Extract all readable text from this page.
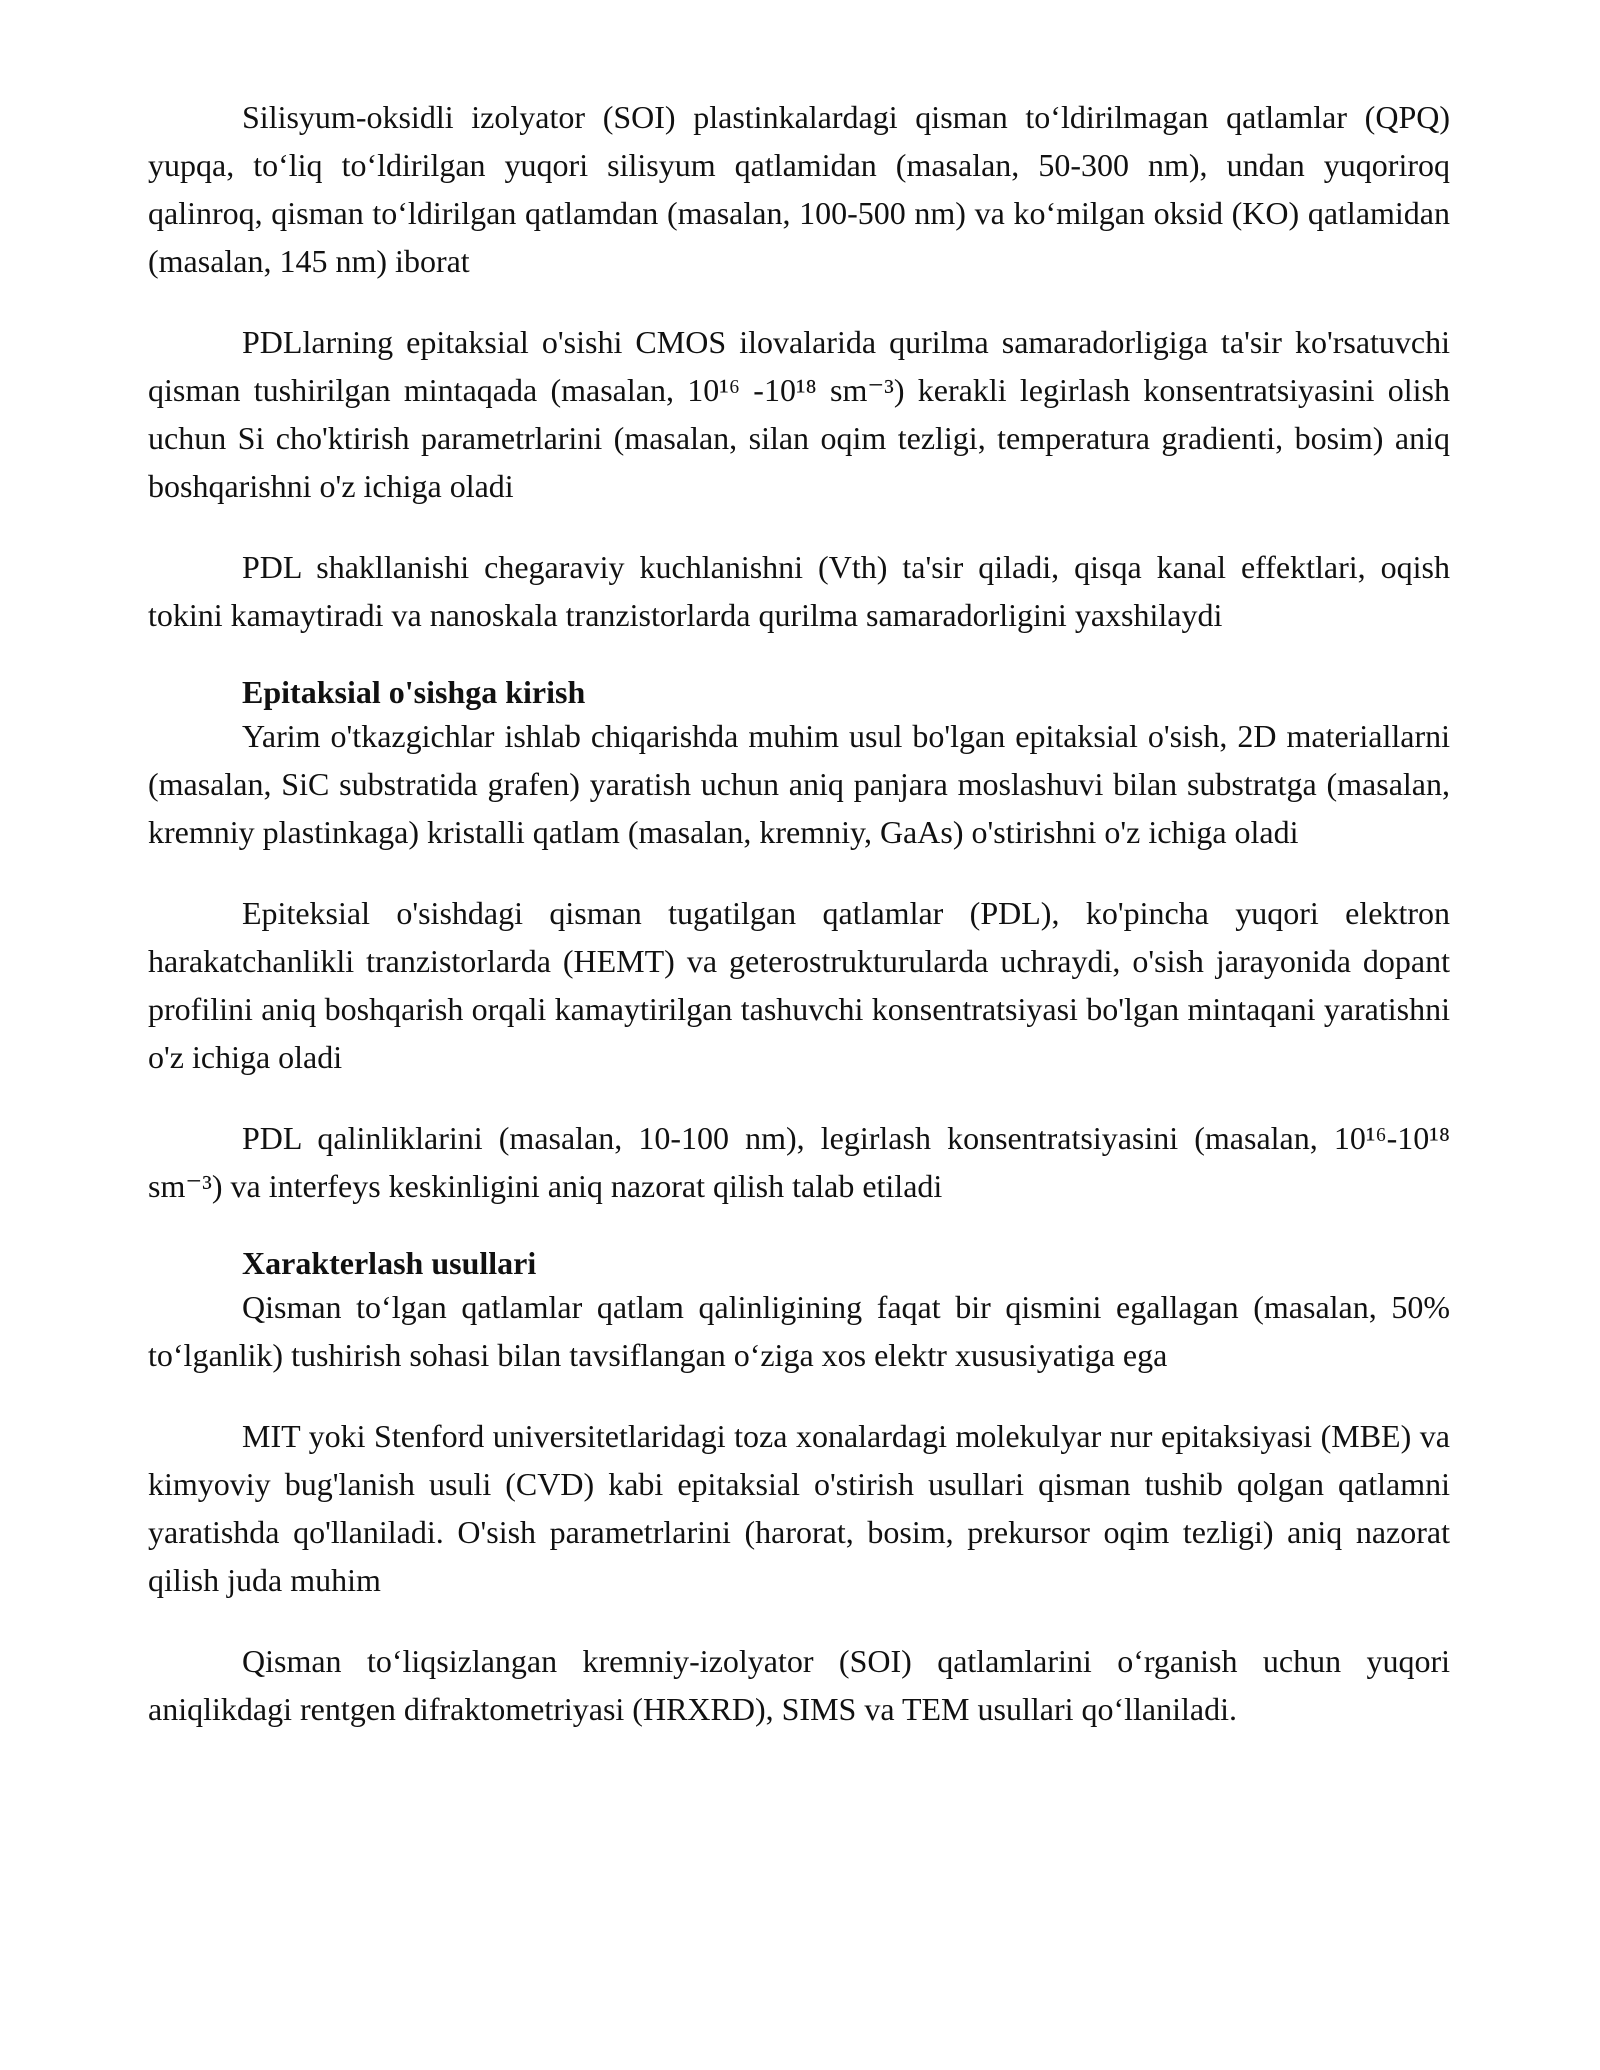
Silisyum-oksidli izolyator (SOI) plastinkalardagi qisman to‘ldirilmagan qatlamlar (QPQ) yupqa, to‘liq to‘ldirilgan yuqori silisyum qatlamidan (masalan, 50-300 nm), undan yuqoriroq qalinroq, qisman to‘ldirilgan qatlamdan (masalan, 100-500 nm) va ko‘milgan oksid (KO) qatlamidan (masalan, 145 nm) iborat

PDLlarning epitaksial o'sishi CMOS ilovalarida qurilma samaradorligiga ta'sir ko'rsatuvchi qisman tushirilgan mintaqada (masalan, 10¹⁶ -10¹⁸ sm⁻³) kerakli legirlash konsentratsiyasini olish uchun Si cho'ktirish parametrlarini (masalan, silan oqim tezligi, temperatura gradienti, bosim) aniq boshqarishni o'z ichiga oladi

PDL shakllanishi chegaraviy kuchlanishni (Vth) ta'sir qiladi, qisqa kanal effektlari, oqish tokini kamaytiradi va nanoskala tranzistorlarda qurilma samaradorligini yaxshilaydi

Epitaksial o'sishga kirish

Yarim o'tkazgichlar ishlab chiqarishda muhim usul bo'lgan epitaksial o'sish, 2D materiallarni (masalan, SiC substratida grafen) yaratish uchun aniq panjara moslashuvi bilan substratga (masalan, kremniy plastinkaga) kristalli qatlam (masalan, kremniy, GaAs) o'stirishni o'z ichiga oladi

Epiteksial o'sishdagi qisman tugatilgan qatlamlar (PDL), ko'pincha yuqori elektron harakatchanlikli tranzistorlarda (HEMT) va geterostrukturularda uchraydi, o'sish jarayonida dopant profilini aniq boshqarish orqali kamaytirilgan tashuvchi konsentratsiyasi bo'lgan mintaqani yaratishni o'z ichiga oladi

PDL qalinliklarini (masalan, 10-100 nm), legirlash konsentratsiyasini (masalan, 10¹⁶-10¹⁸ sm⁻³) va interfeys keskinligini aniq nazorat qilish talab etiladi

Xarakterlash usullari

Qisman to‘lgan qatlamlar qatlam qalinligining faqat bir qismini egallagan (masalan, 50% to‘lganlik) tushirish sohasi bilan tavsiflangan o‘ziga xos elektr xususiyatiga ega

MIT yoki Stenford universitetlaridagi toza xonalardagi molekulyar nur epitaksiyasi (MBE) va kimyoviy bug'lanish usuli (CVD) kabi epitaksial o'stirish usullari qisman tushib qolgan qatlamni yaratishda qo'llaniladi. O'sish parametrlarini (harorat, bosim, prekursor oqim tezligi) aniq nazorat qilish juda muhim

Qisman to‘liqsizlangan kremniy-izolyator (SOI) qatlamlarini o‘rganish uchun yuqori aniqlikdagi rentgen difraktometriyasi (HRXRD), SIMS va TEM usullari qo‘llaniladi.
